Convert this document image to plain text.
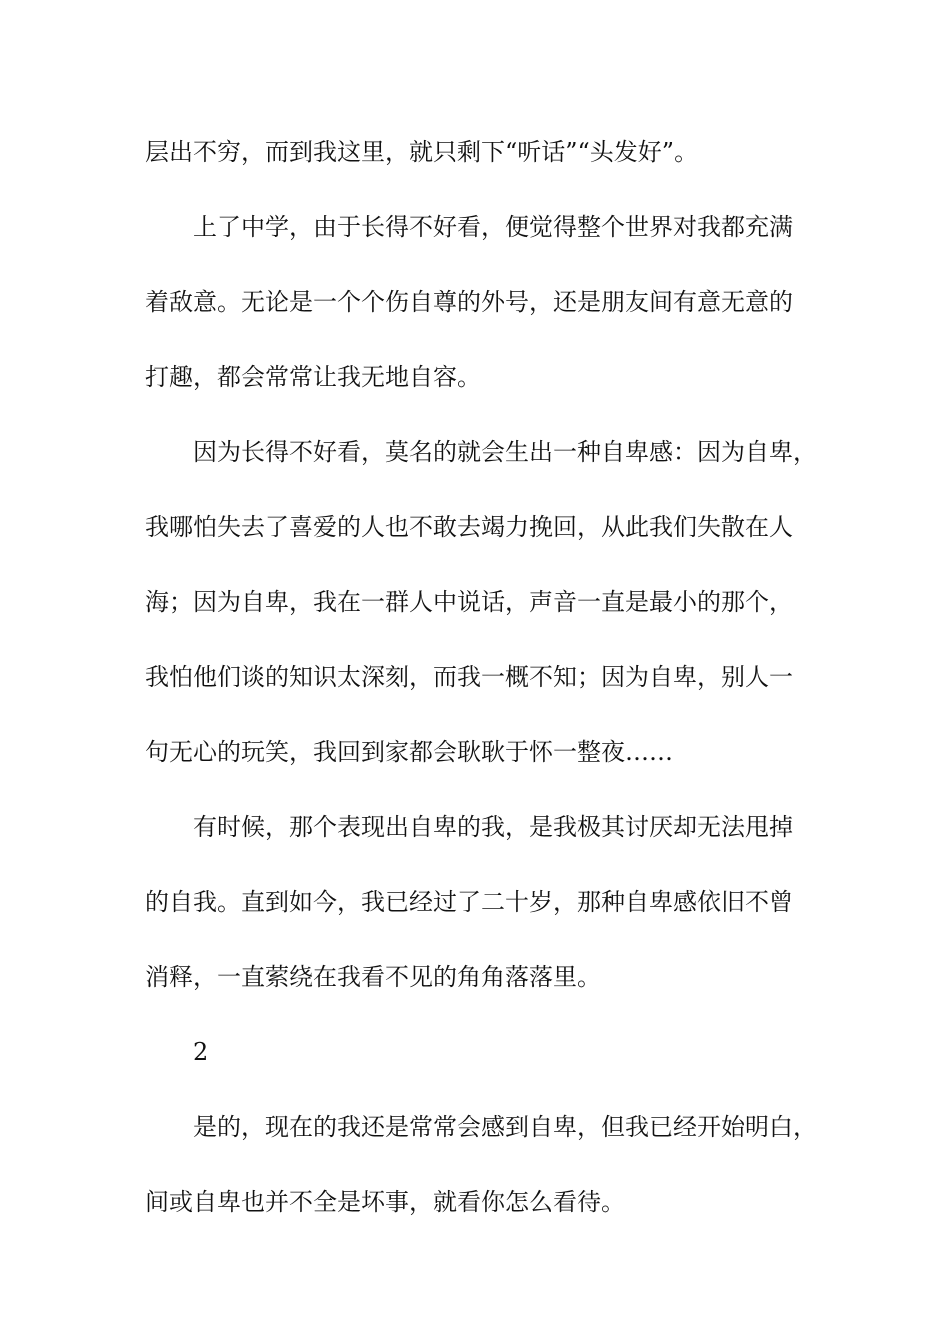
层出不穷，而到我这里，就只剩下“听话”“头发好”。
上了中学，由于长得不好看，便觉得整个世界对我都充满
着敌意。无论是一个个伤自尊的外号，还是朋友间有意无意的
打趣，都会常常让我无地自容。
因为长得不好看，莫名的就会生出一种自卑感：因为自卑，
我哪怕失去了喜爱的人也不敢去竭力挽回，从此我们失散在人
海；因为自卑，我在一群人中说话，声音一直是最小的那个，
我怕他们谈的知识太深刻，而我一概不知；因为自卑，别人一
句无心的玩笑，我回到家都会耿耿于怀一整夜……
有时候，那个表现出自卑的我，是我极其讨厌却无法甩掉
的自我。直到如今，我已经过了二十岁，那种自卑感依旧不曾
消释，一直萦绕在我看不见的角角落落里。
2
是的，现在的我还是常常会感到自卑，但我已经开始明白，
间或自卑也并不全是坏事，就看你怎么看待。
